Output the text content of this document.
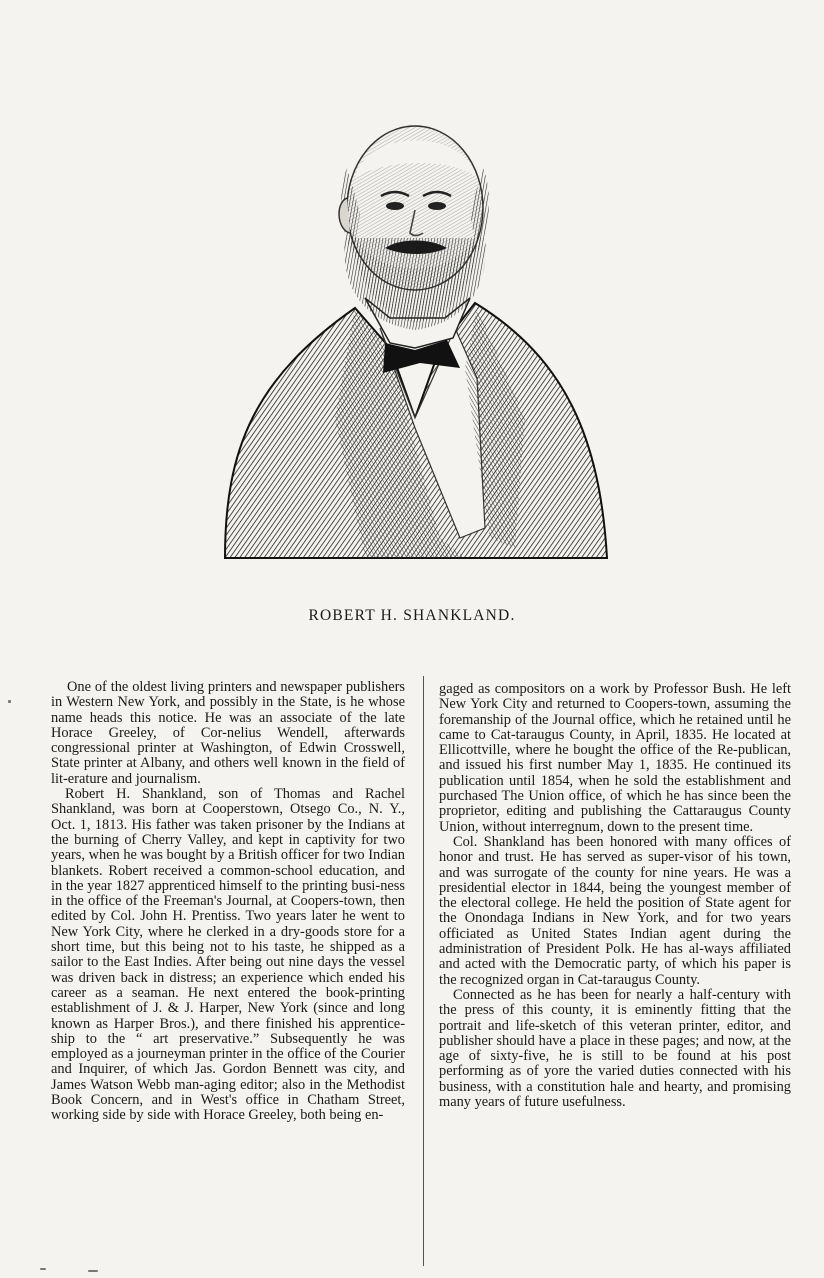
ROBERT H. SHANKLAND.

One of the oldest living printers and newspaper publishers in Western New York, and possibly in the State, is he whose name heads this notice. He was an associate of the late Horace Greeley, of Cor-nelius Wendell, afterwards congressional printer at Washington, of Edwin Crosswell, State printer at Albany, and others well known in the field of lit-erature and journalism.

Robert H. Shankland, son of Thomas and Rachel Shankland, was born at Cooperstown, Otsego Co., N. Y., Oct. 1, 1813. His father was taken prisoner by the Indians at the burning of Cherry Valley, and kept in captivity for two years, when he was bought by a British officer for two Indian blankets. Robert received a common-school education, and in the year 1827 apprenticed himself to the printing busi-ness in the office of the Freeman's Journal, at Coopers-town, then edited by Col. John H. Prentiss. Two years later he went to New York City, where he clerked in a dry-goods store for a short time, but this being not to his taste, he shipped as a sailor to the East Indies. After being out nine days the vessel was driven back in distress; an experience which ended his career as a seaman. He next entered the book-printing establishment of J. & J. Harper, New York (since and long known as Harper Bros.), and there finished his apprentice-ship to the “ art preservative.” Subsequently he was employed as a journeyman printer in the office of the Courier and Inquirer, of which Jas. Gordon Bennett was city, and James Watson Webb man-aging editor; also in the Methodist Book Concern, and in West's office in Chatham Street, working side by side with Horace Greeley, both being en-

gaged as compositors on a work by Professor Bush. He left New York City and returned to Coopers-town, assuming the foremanship of the Journal office, which he retained until he came to Cat-taraugus County, in April, 1835. He located at Ellicottville, where he bought the office of the Re-publican, and issued his first number May 1, 1835. He continued its publication until 1854, when he sold the establishment and purchased The Union office, of which he has since been the proprietor, editing and publishing the Cattaraugus County Union, without interregnum, down to the present time.

Col. Shankland has been honored with many offices of honor and trust. He has served as super-visor of his town, and was surrogate of the county for nine years. He was a presidential elector in 1844, being the youngest member of the electoral college. He held the position of State agent for the Onondaga Indians in New York, and for two years officiated as United States Indian agent during the administration of President Polk. He has al-ways affiliated and acted with the Democratic party, of which his paper is the recognized organ in Cat-taraugus County.

Connected as he has been for nearly a half-century with the press of this county, it is eminently fitting that the portrait and life-sketch of this veteran printer, editor, and publisher should have a place in these pages; and now, at the age of sixty-five, he is still to be found at his post performing as of yore the varied duties connected with his business, with a constitution hale and hearty, and promising many years of future usefulness.
